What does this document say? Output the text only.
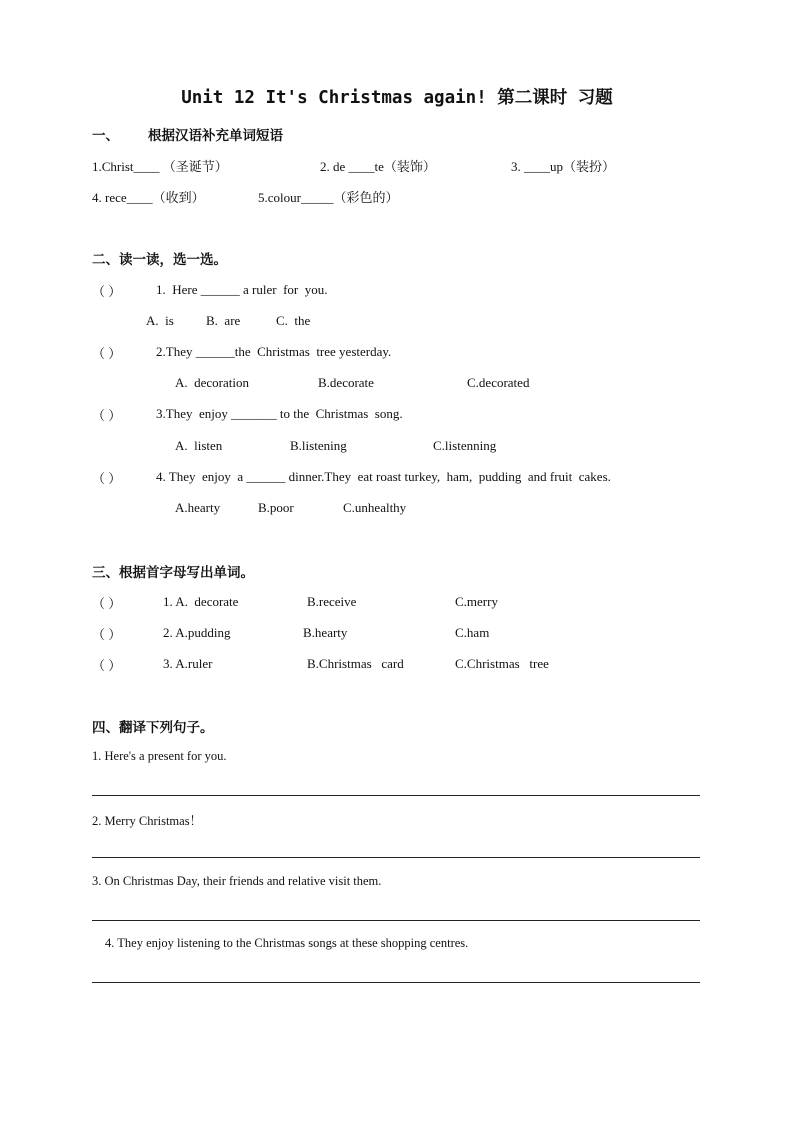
Unit 12 It's Christmas again! 第二课时 习题
一、 根据汉语补充单词短语
1.Christ____ （圣诞节）	2. de ____te（装饰）	3. ____up（装扮）
4. rece____（收到）	5.colour_____（彩色的）
二、读一读，选一选。
（ ）	1.  Here ______ a ruler  for  you.
A.  is B.  are	C.  the
（ ）	2.They ______the  Christmas  tree yesterday.
A.  decoration	B.decorate	C.decorated
（ ）	3.They  enjoy _______ to the  Christmas  song.
A.  listen	B.listening	C.listenning
（ ）	4. They  enjoy  a ______ dinner.They  eat roast turkey,  ham,  pudding  and fruit  cakes.
A.hearty	B.poor	C.unhealthy
三、根据首字母写出单词。
（ ）	1. A.  decorate	B.receive	C.merry
（ ）	2. A.pudding	B.hearty	C.ham
（ ）	3. A.ruler	B.Christmas   card	C.Christmas   tree
四、翻译下列句子。
1. Here's a present for you.
2. Merry Christmas！
3. On Christmas Day, their friends and relative visit them.
4. They enjoy listening to the Christmas songs at these shopping centres.
